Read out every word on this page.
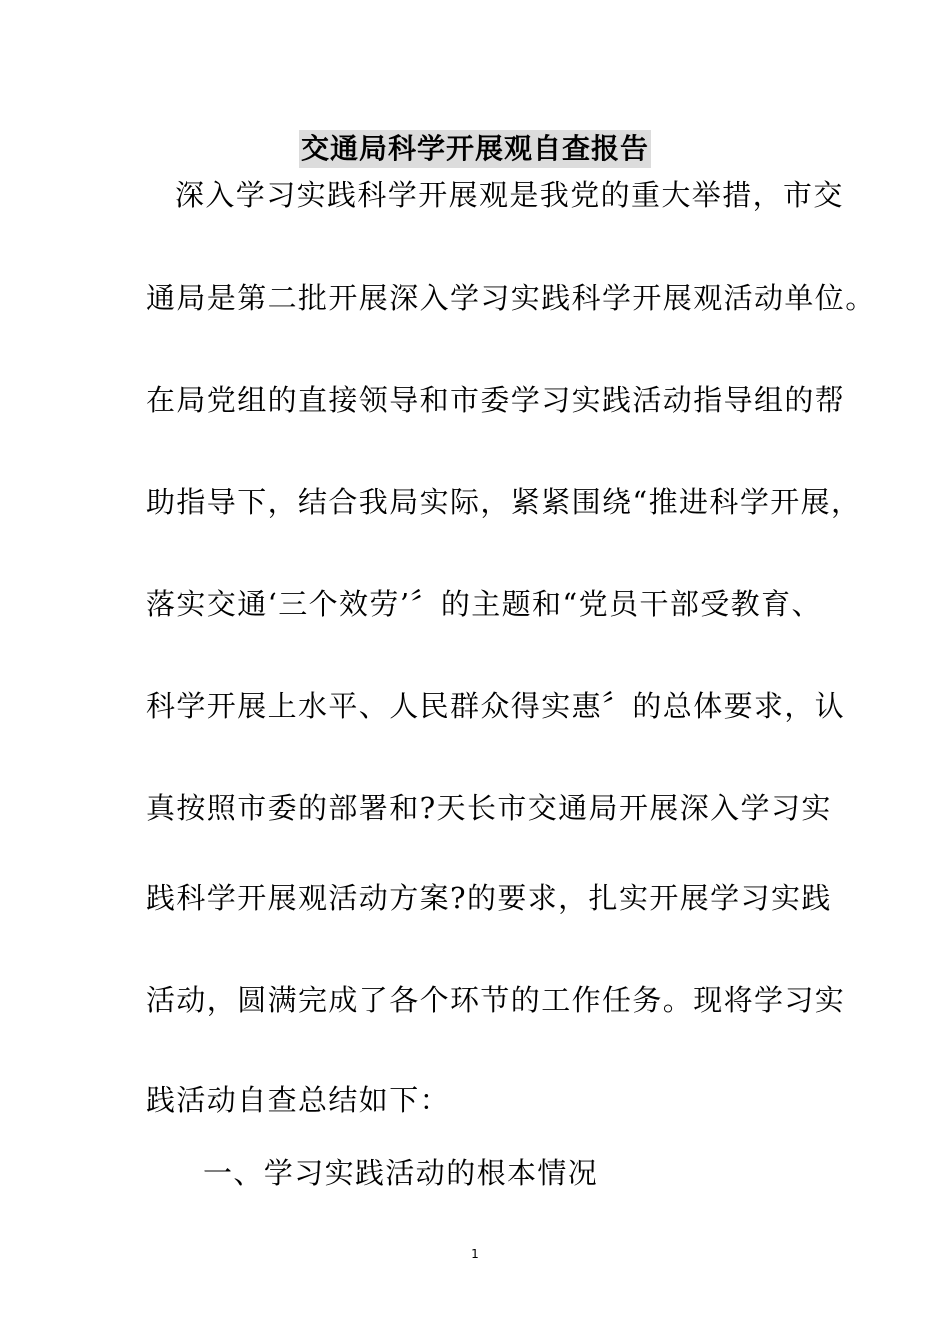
交通局科学开展观自查报告
深入学习实践科学开展观是我党的重大举措，市交
通局是第二批开展深入学习实践科学开展观活动单位。
在局党组的直接领导和市委学习实践活动指导组的帮
助指导下，结合我局实际，紧紧围绕“推进科学开展，
落实交通‘三个效劳’〞的主题和“党员干部受教育、
科学开展上水平、人民群众得实惠〞的总体要求，认
真按照市委的部署和?天长市交通局开展深入学习实
践科学开展观活动方案?的要求，扎实开展学习实践
活动，圆满完成了各个环节的工作任务。现将学习实
践活动自查总结如下：
一、学习实践活动的根本情况
1
